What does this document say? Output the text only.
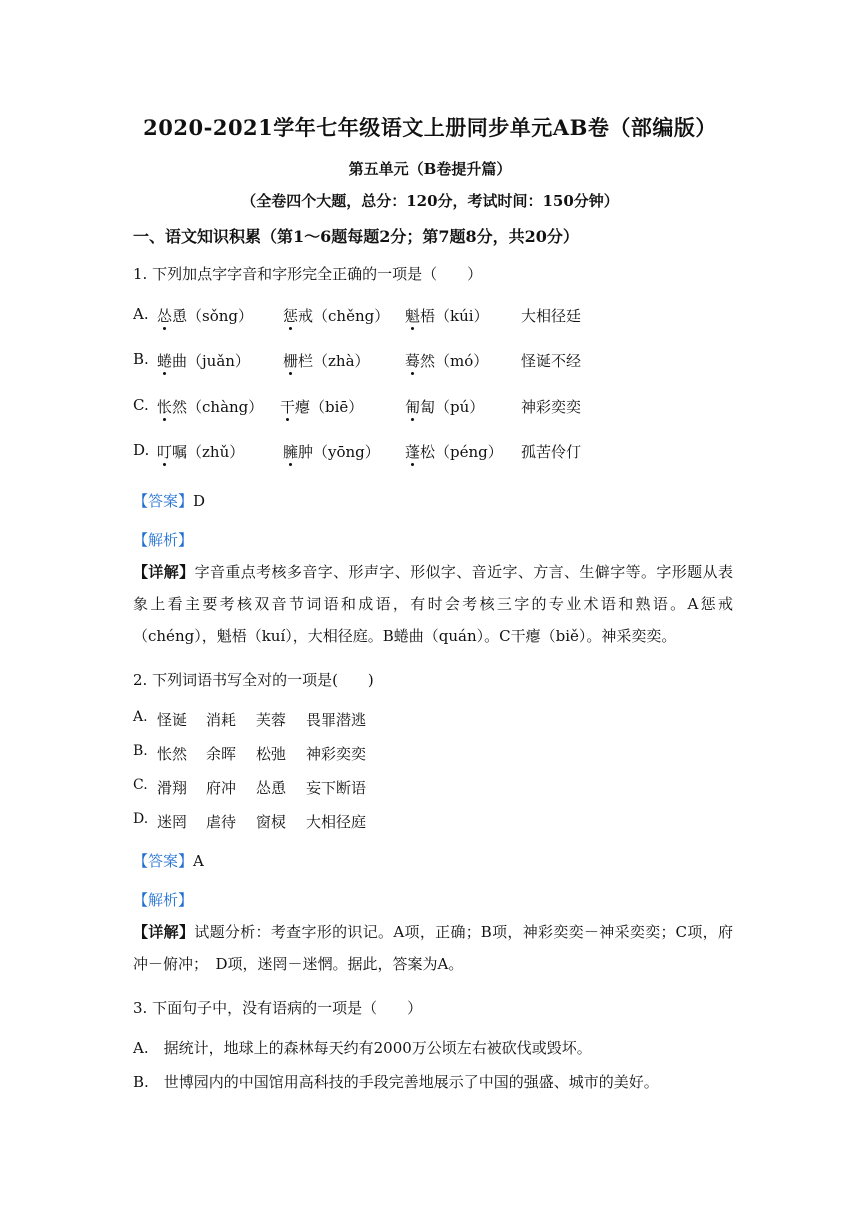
2020-2021学年七年级语文上册同步单元AB卷（部编版）
第五单元（B卷提升篇）
（全卷四个大题，总分：120分，考试时间：150分钟）
一、语文知识积累（第1～6题每题2分；第7题8分，共20分）
1. 下列加点字字音和字形完全正确的一项是（　　）
A. 怂恿（sǒng） 惩戒（chěng） 魁梧（kúi） 大相径廷
B. 蜷曲（juǎn） 栅栏（zhà） 蓦然（mó） 怪诞不经
C. 怅然（chàng） 干瘪（biē）	匍匐（pú） 神彩奕奕
D. 叮嘱（zhǔ）	臃肿（yōng） 蓬松（péng） 孤苦伶仃
【答案】D
【解析】
【详解】字音重点考核多音字、形声字、形似字、音近字、方言、生僻字等。字形题从表象上看主要考核双音节词语和成语，有时会考核三字的专业术语和熟语。A惩戒（chéng），魁梧（kuí），大相径庭。B蜷曲（quán）。C干瘪（biě）。神采奕奕。
2. 下列词语书写全对的一项是(　　)
A. 怪诞 消耗 芙蓉 畏罪潜逃
B. 怅然 余晖 松弛 神彩奕奕
C. 滑翔 府冲 怂恿 妄下断语
D. 迷罔 虐待 窗棂 大相径庭
【答案】A
【解析】
【详解】试题分析：考查字形的识记。A项，正确；B项，神彩奕奕－神采奕奕；C项，府冲－俯冲；　D项，迷罔－迷惘。据此，答案为A。
3. 下面句子中，没有语病的一项是（　　）
A.　据统计，地球上的森林每天约有2000万公顷左右被砍伐或毁坏。
B.　世博园内的中国馆用高科技的手段完善地展示了中国的强盛、城市的美好。
